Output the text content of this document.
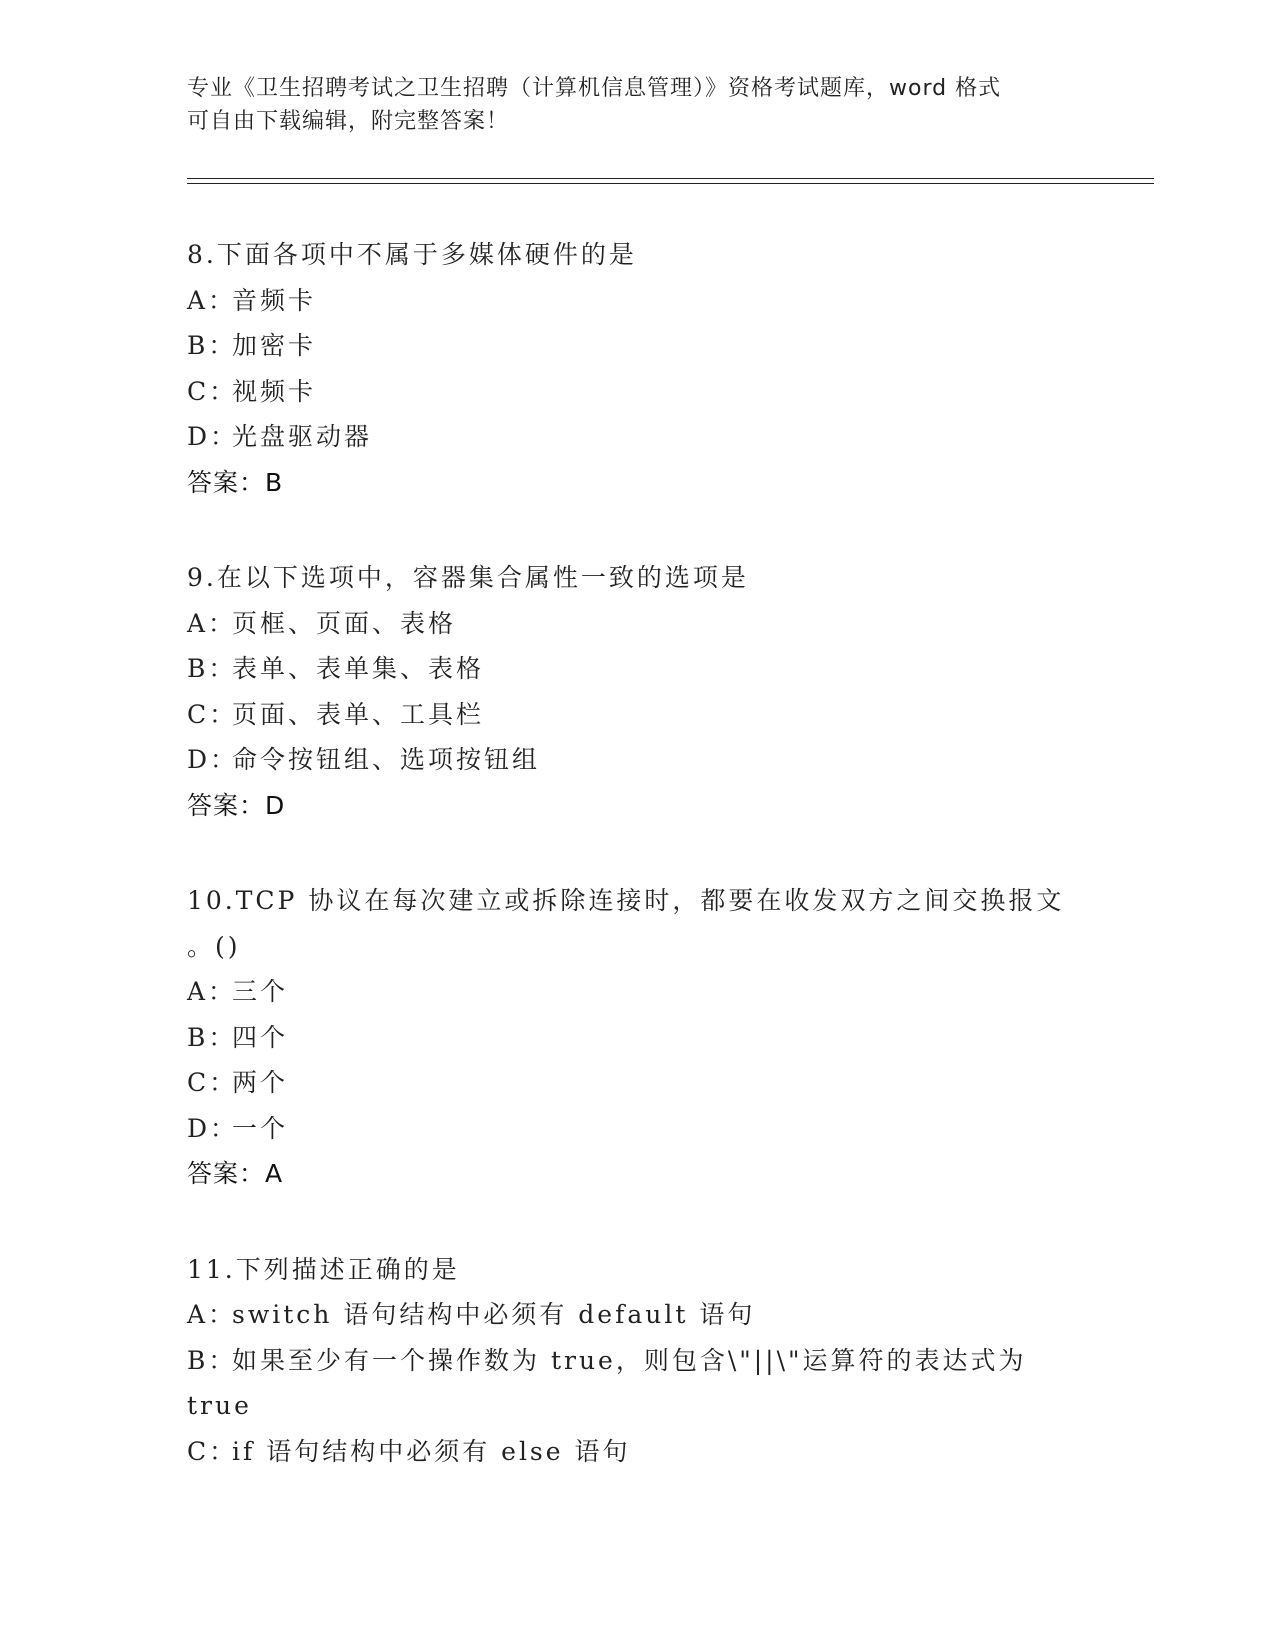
专业《卫生招聘考试之卫生招聘（计算机信息管理）》资格考试题库，word 格式
可自由下载编辑，附完整答案！
8.下面各项中不属于多媒体硬件的是
A：音频卡
B：加密卡
C：视频卡
D：光盘驱动器
答案：B
9.在以下选项中，容器集合属性一致的选项是
A：页框、页面、表格
B：表单、表单集、表格
C：页面、表单、工具栏
D：命令按钮组、选项按钮组
答案：D
10.TCP 协议在每次建立或拆除连接时，都要在收发双方之间交换报文
。()
A：三个
B：四个
C：两个
D：一个
答案：A
11.下列描述正确的是
A：switch 语句结构中必须有 default 语句
B：如果至少有一个操作数为 true，则包含\"||\"运算符的表达式为
true
C：if 语句结构中必须有 else 语句
